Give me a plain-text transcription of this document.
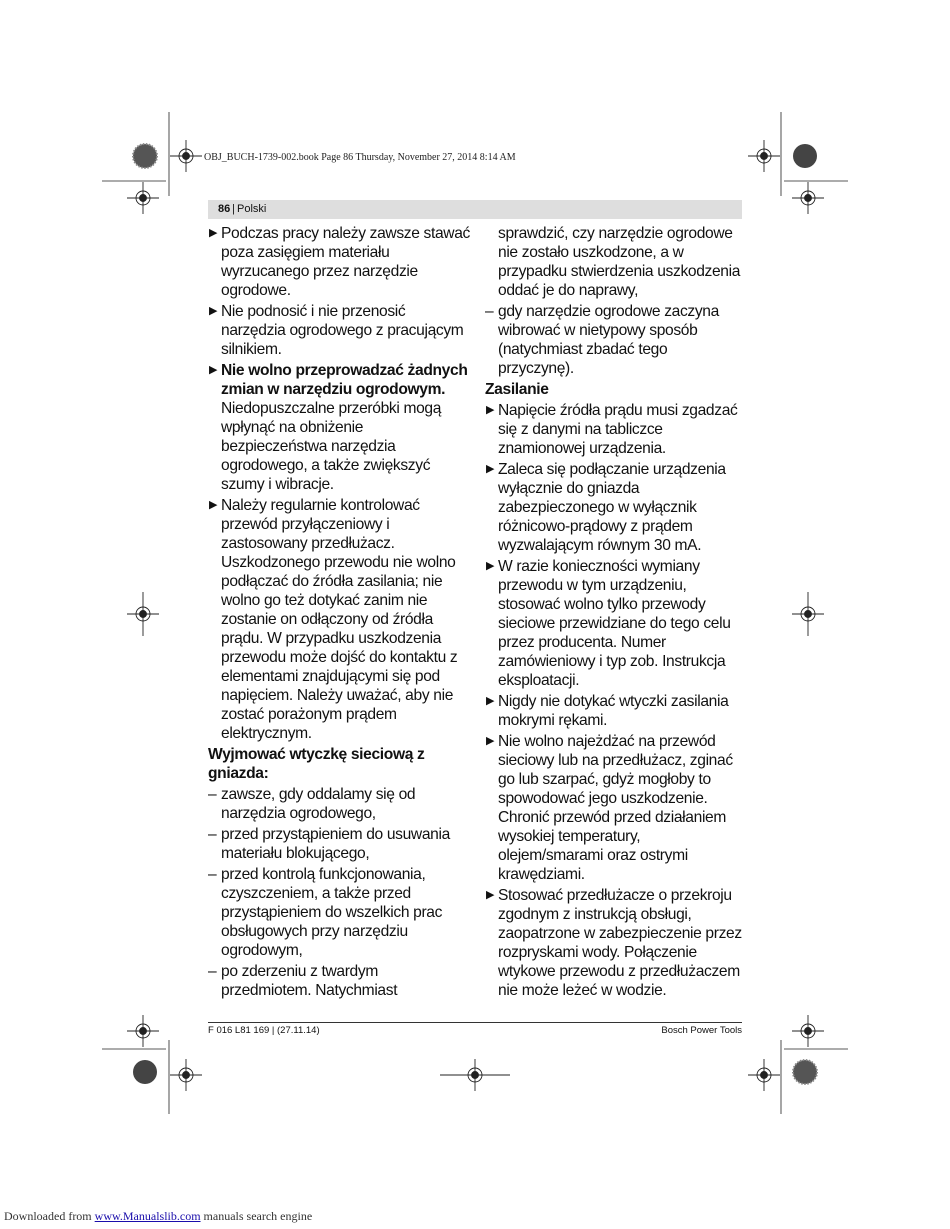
OBJ_BUCH-1739-002.book Page 86 Thursday, November 27, 2014 8:14 AM
86 | Polski
▶ Podczas pracy należy zawsze stawać
poza zasięgiem materiału
wyrzucanego przez narzędzie
ogrodowe.
▶ Nie podnosić i nie przenosić
narzędzia ogrodowego z pracującym
silnikiem.
▶ Nie wolno przeprowadzać żadnych
zmian w narzędziu ogrodowym.
Niedopuszczalne przeróbki mogą
wpłynąć na obniżenie
bezpieczeństwa narzędzia
ogrodowego, a także zwiększyć
szumy i wibracje.
▶ Należy regularnie kontrolować
przewód przyłączeniowy i
zastosowany przedłużacz.
Uszkodzonego przewodu nie wolno
podłączać do źródła zasilania; nie
wolno go też dotykać zanim nie
zostanie on odłączony od źródła
prądu. W przypadku uszkodzenia
przewodu może dojść do kontaktu z
elementami znajdującymi się pod
napięciem. Należy uważać, aby nie
zostać porażonym prądem
elektrycznym.
Wyjmować wtyczkę sieciową z
gniazda:
– zawsze, gdy oddalamy się od
narzędzia ogrodowego,
– przed przystąpieniem do usuwania
materiału blokującego,
– przed kontrolą funkcjonowania,
czyszczeniem, a także przed
przystąpieniem do wszelkich prac
obsługowych przy narzędziu
ogrodowym,
– po zderzeniu z twardym
przedmiotem. Natychmiast
sprawdzić, czy narzędzie ogrodowe
nie zostało uszkodzone, a w
przypadku stwierdzenia uszkodzenia
oddać je do naprawy,
– gdy narzędzie ogrodowe zaczyna
wibrować w nietypowy sposób
(natychmiast zbadać tego
przyczynę).
Zasilanie
▶ Napięcie źródła prądu musi zgadzać
się z danymi na tabliczce
znamionowej urządzenia.
▶ Zaleca się podłączanie urządzenia
wyłącznie do gniazda
zabezpieczonego w wyłącznik
różnicowo-prądowy z prądem
wyzwalającym równym 30 mA.
▶ W razie konieczności wymiany
przewodu w tym urządzeniu,
stosować wolno tylko przewody
sieciowe przewidziane do tego celu
przez producenta. Numer
zamówieniowy i typ zob. Instrukcja
eksploatacji.
▶ Nigdy nie dotykać wtyczki zasilania
mokrymi rękami.
▶ Nie wolno najeżdżać na przewód
sieciowy lub na przedłużacz, zginać
go lub szarpać, gdyż mogłoby to
spowodować jego uszkodzenie.
Chronić przewód przed działaniem
wysokiej temperatury,
olejem/smarami oraz ostrymi
krawędziami.
▶ Stosować przedłużacze o przekroju
zgodnym z instrukcją obsługi,
zaopatrzone w zabezpieczenie przez
rozpryskami wody. Połączenie
wtykowe przewodu z przedłużaczem
nie może leżeć w wodzie.
F 016 L81 169 | (27.11.14)	Bosch Power Tools
Downloaded from www.Manualslib.com manuals search engine
